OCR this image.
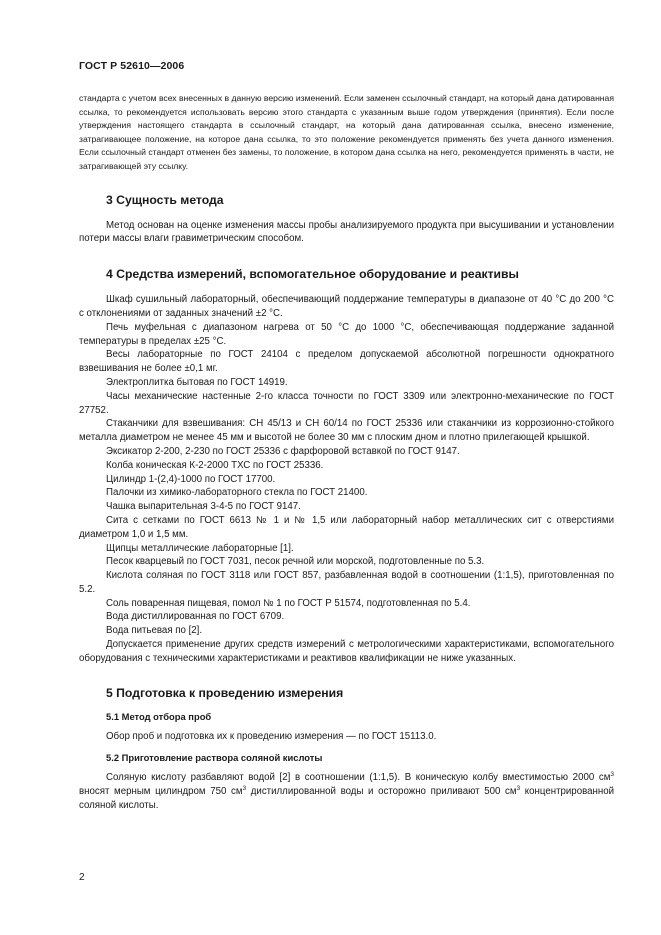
ГОСТ Р 52610—2006

стандарта с учетом всех внесенных в данную версию изменений. Если заменен ссылочный стандарт, на который дана датированная ссылка, то рекомендуется использовать версию этого стандарта с указанным выше годом утверждения (принятия). Если после утверждения настоящего стандарта в ссылочный стандарт, на который дана датированная ссылка, внесено изменение, затрагивающее положение, на которое дана ссылка, то это положение рекомендуется применять без учета данного изменения. Если ссылочный стандарт отменен без замены, то положение, в котором дана ссылка на него, рекомендуется применять в части, не затрагивающей эту ссылку.

3 Сущность метода

Метод основан на оценке изменения массы пробы анализируемого продукта при высушивании и установлении потери массы влаги гравиметрическим способом.

4 Средства измерений, вспомогательное оборудование и реактивы

Шкаф сушильный лабораторный, обеспечивающий поддержание температуры в диапазоне от 40 °С до 200 °С с отклонениями от заданных значений ±2 °С.

Печь муфельная с диапазоном нагрева от 50 °С до 1000 °С, обеспечивающая поддержание заданной температуры в пределах ±25 °С.

Весы лабораторные по ГОСТ 24104 с пределом допускаемой абсолютной погрешности однократного взвешивания не более ±0,1 мг.

Электроплитка бытовая по ГОСТ 14919.

Часы механические настенные 2-го класса точности по ГОСТ 3309 или электронно-механические по ГОСТ 27752.

Стаканчики для взвешивания: СН 45/13 и СН 60/14 по ГОСТ 25336 или стаканчики из коррозионно-стойкого металла диаметром не менее 45 мм и высотой не более 30 мм с плоским дном и плотно прилегающей крышкой.

Эксикатор 2-200, 2-230 по ГОСТ 25336 с фарфоровой вставкой по ГОСТ 9147.

Колба коническая К-2-2000 ТХС по ГОСТ 25336.

Цилиндр 1-(2,4)-1000 по ГОСТ 17700.

Палочки из химико-лабораторного стекла по ГОСТ 21400.

Чашка выпарительная 3-4-5 по ГОСТ 9147.

Сита с сетками по ГОСТ 6613 № 1 и № 1,5 или лабораторный набор металлических сит с отверстиями диаметром 1,0 и 1,5 мм.

Щипцы металлические лабораторные [1].

Песок кварцевый по ГОСТ 7031, песок речной или морской, подготовленные по 5.3.

Кислота соляная по ГОСТ 3118 или ГОСТ 857, разбавленная водой в соотношении (1:1,5), приготовленная по 5.2.

Соль поваренная пищевая, помол № 1 по ГОСТ Р 51574, подготовленная по 5.4.

Вода дистиллированная по ГОСТ 6709.

Вода питьевая по [2].

Допускается применение других средств измерений с метрологическими характеристиками, вспомогательного оборудования с техническими характеристиками и реактивов квалификации не ниже указанных.

5 Подготовка к проведению измерения
5.1 Метод отбора проб

Обор проб и подготовка их к проведению измерения — по ГОСТ 15113.0.

5.2 Приготовление раствора соляной кислоты

Соляную кислоту разбавляют водой [2] в соотношении (1:1,5). В коническую колбу вместимостью 2000 $см^3$ вносят мерным цилиндром 750 $см^3$ дистиллированной воды и осторожно приливают 500 $см^3$ концентрированной соляной кислоты.

2
